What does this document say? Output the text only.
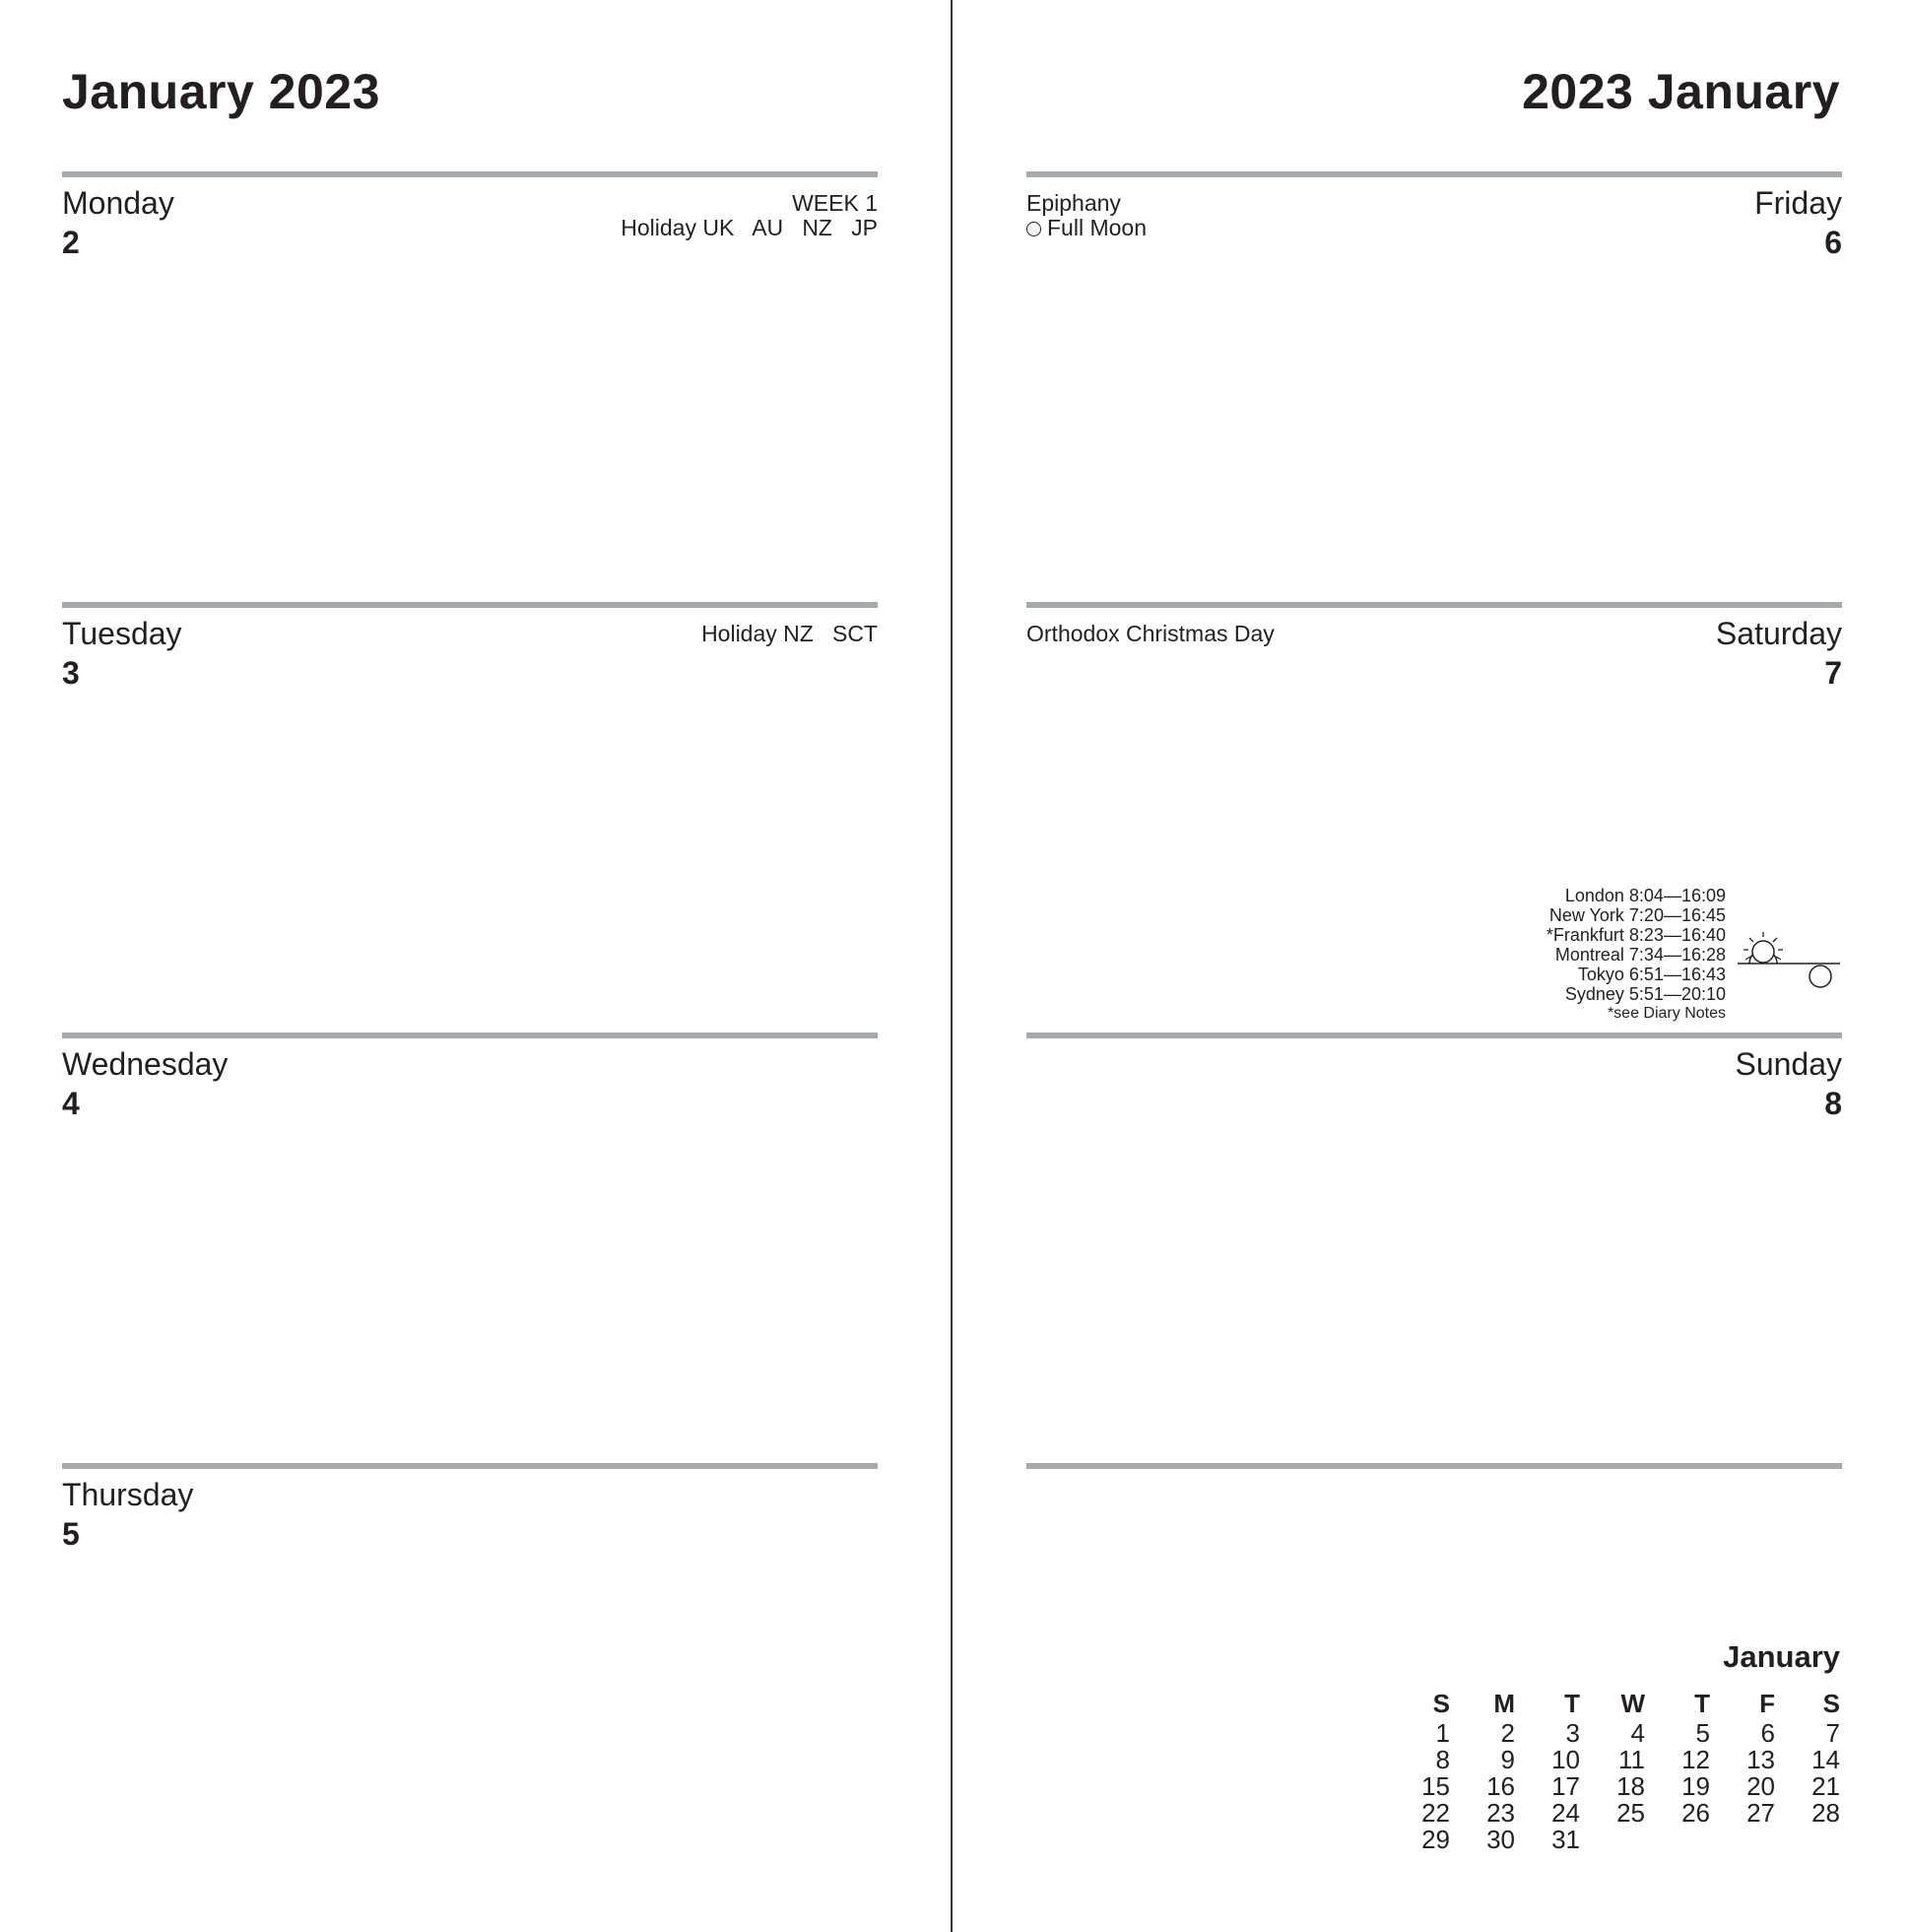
January 2023	2023 January
Monday
2
WEEK 1
Holiday UK   AU   NZ   JP
Tuesday
3
Holiday NZ   SCT
Wednesday
4
Thursday
5
Friday
6
Epiphany
Full Moon
Saturday
7
Orthodox Christmas Day
London 8:04—16:09
New York 7:20—16:45
*Frankfurt 8:23—16:40
Montreal 7:34—16:28
Tokyo 6:51—16:43
Sydney 5:51—20:10
*see Diary Notes
Sunday
8
January
S	M	T	W	T	F	S
1	2	3	4	5	6	7
8	9	10	11	12	13	14
15	16	17	18	19	20	21
22	23	24	25	26	27	28
29	30	31
